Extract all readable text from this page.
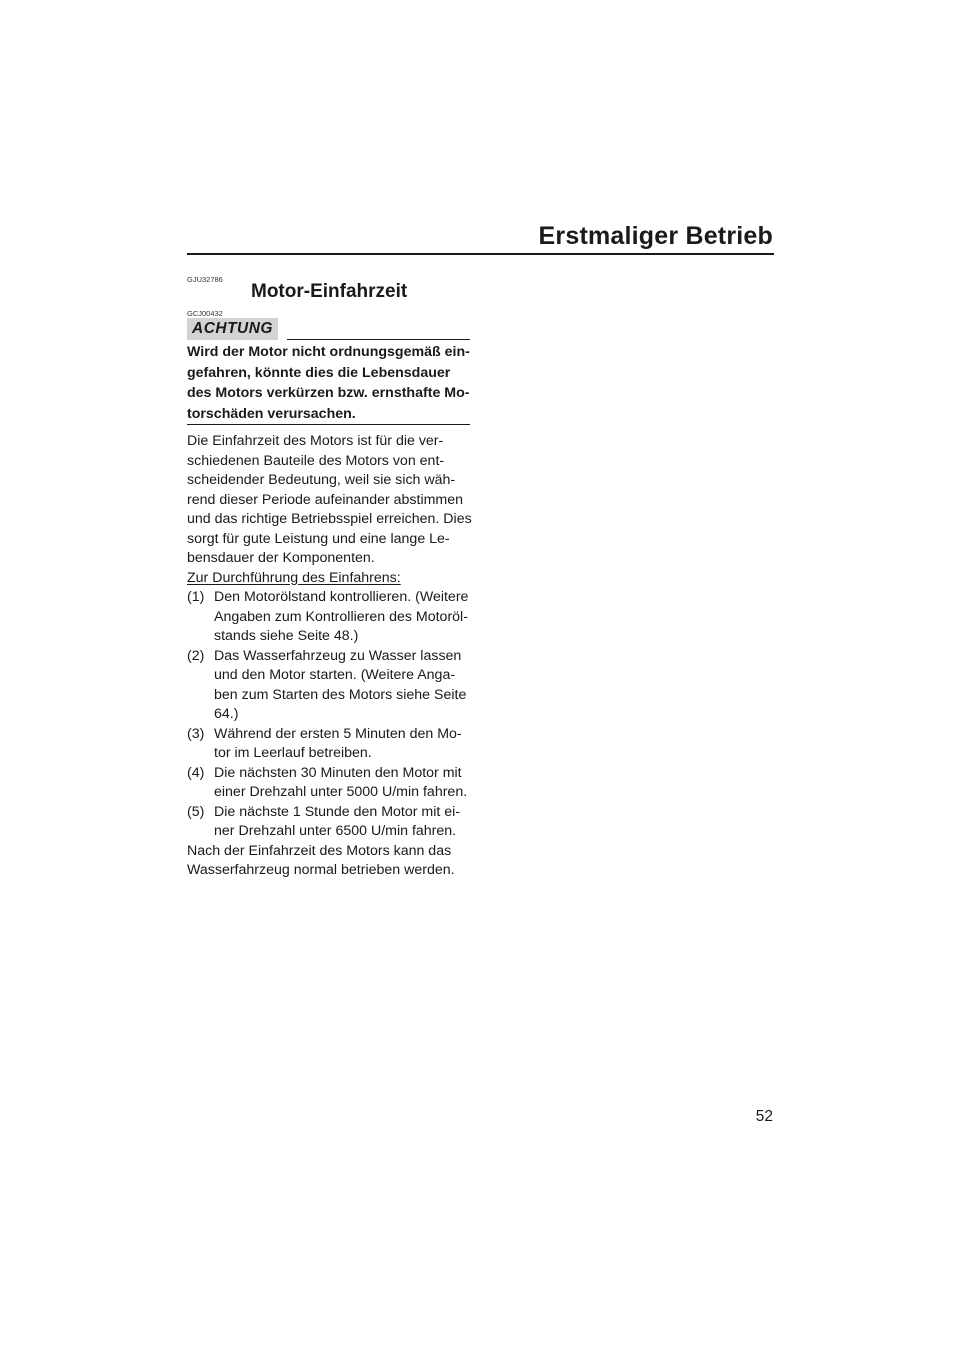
Erstmaliger Betrieb
GJU32786
Motor-Einfahrzeit
GCJ00432
ACHTUNG

Wird der Motor nicht ordnungsgemäß ein-gefahren, könnte dies die Lebensdauer des Motors verkürzen bzw. ernsthafte Mo-torschäden verursachen.

Die Einfahrzeit des Motors ist für die ver-schiedenen Bauteile des Motors von ent-scheidender Bedeutung, weil sie sich wäh-rend dieser Periode aufeinander abstimmen und das richtige Betriebsspiel erreichen. Dies sorgt für gute Leistung und eine lange Le-bensdauer der Komponenten.

Zur Durchführung des Einfahrens:

(1) Den Motorölstand kontrollieren. (Weitere Angaben zum Kontrollieren des Motoröl-stands siehe Seite 48.)
(2) Das Wasserfahrzeug zu Wasser lassen und den Motor starten. (Weitere Anga-ben zum Starten des Motors siehe Seite 64.)
(3) Während der ersten 5 Minuten den Mo-tor im Leerlauf betreiben.
(4) Die nächsten 30 Minuten den Motor mit einer Drehzahl unter 5000 U/min fahren.
(5) Die nächste 1 Stunde den Motor mit ei-ner Drehzahl unter 6500 U/min fahren.

Nach der Einfahrzeit des Motors kann das Wasserfahrzeug normal betrieben werden.

52
